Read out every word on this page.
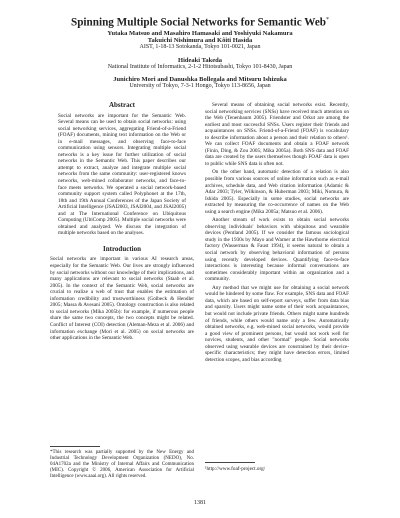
Spinning Multiple Social Networks for Semantic Web*
Yutaka Matsuo and Masahiro Hamasaki and Yoshiyuki Nakamura
Takuichi Nishimura and Kôiti Hasida
AIST, 1-18-13 Sotokanda, Tokyo 101-0021, Japan
Hideaki Takeda
National Institute of Informatics, 2-1-2 Hitotsubashi, Tokyo 101-8430, Japan
Junichiro Mori and Danushka Bollegala and Mitsuru Ishizuka
University of Tokyo, 7-3-1 Hongo, Tokyo 113-8656, Japan
Abstract

Social networks are important for the Semantic Web. Several means can be used to obtain social networks: using social networking services, aggregating Friend-of-a-Friend (FOAF) documents, mining text information on the Web or in e-mail messages, and observing face-to-face communication using sensors. Integrating multiple social networks is a key issue for further utilization of social networks in the Semantic Web. This paper describes our attempt to extract, analyze and integrate multiple social networks from the same community: user-registered knows networks, web-mined collaborator networks, and face-to-face meets networks. We operated a social network-based community support system called Polyphonet at the 17th, 18th and 19th Annual Conferences of the Japan Society of Artificial Intelligence (JSAI2003, JSAI2004, and JSAI2005) and at The International Conference on Ubiquitous Computing (UbiComp 2005). Multiple social networks were obtained and analyzed. We discuss the integration of multiple networks based on the analyses.

Introduction

Social networks are important in various AI research areas, especially for the Semantic Web. Our lives are strongly influenced by social networks without our knowledge of their implications, and many applications are relevant to social networks (Staab et al. 2005). In the context of the Semantic Web, social networks are crucial to realize a web of trust that enables the estimation of information credibility and trustworthiness (Golbeck & Hendler 2005; Massa & Avesani 2005). Ontology construction is also related to social networks (Mika 2005b): for example, if numerous people share the same two concepts, the two concepts might be related. Conflict of Interest (COI) detection (Aleman-Meza et al. 2006) and information exchange (Mori et al. 2005) on social networks are other applications in the Semantic Web.

*This research was partially supported by the New Energy and Industrial Technology Development Organization (NEDO), No. 04A1702a and the Ministry of Internal Affairs and Communication (MIC). Copyright © 2006, American Association for Artificial Intelligence (www.aaai.org). All rights reserved.

Several means of obtaining social networks exist. Recently, social networking services (SNSs) have received much attention on the Web (Tenenbaum 2005). Friendster and Orkut are among the earliest and most successful SNSs. Users register their friends and acquaintances on SNSs. Friend-of-a-Friend (FOAF) is vocabulary to describe information about a person and their relation to others¹. We can collect FOAF documents and obtain a FOAF network (Finin, Ding, & Zou 2005; Mika 2005a). Both SNS data and FOAF data are created by the users themselves though FOAF data is open to public while SNS data is often not.

On the other hand, automatic detection of a relation is also possible from various sources of online information such as e-mail archives, schedule data, and Web citation information (Adamic & Adar 2003; Tyler, Wilkinson, & Huberman 2003; Miki, Nomura, & Ishida 2005). Especially in some studies, social networks are extracted by measuring the co-occurrence of names on the Web using a search engine (Mika 2005a; Matsuo et al. 2006).

Another stream of work exists to obtain social networks observing individuals' behaviors with ubiquitous and wearable devices (Pentland 2005). If we consider the famous sociological study in the 1930s by Mayo and Warner at the Hawthorne electrical factory (Wasserman & Faust 1994), it seems natural to obtain a social network by observing behavioral information of persons using recently developed devices. Quantifying face-to-face interactions is interesting because informal conversations are sometimes considerably important within an organization and a community.

Any method that we might use for obtaining a social network would be hindered by some flaw. For example, SNS data and FOAF data, which are based on self-report surveys, suffer from data bias and sparsity. Users might name some of their work acquaintances, but would not include private friends. Others might name hundreds of friends, while others would name only a few. Automatically obtained networks, e.g. web-mined social networks, would provide a good view of prominent persons, but would not work well for novices, students, and other "normal" people. Social networks observed using wearable devices are constrained by their device-specific characteristics; they might have detection errors, limited detection scopes, and bias according

¹http://www.foaf-project.org/
1381
